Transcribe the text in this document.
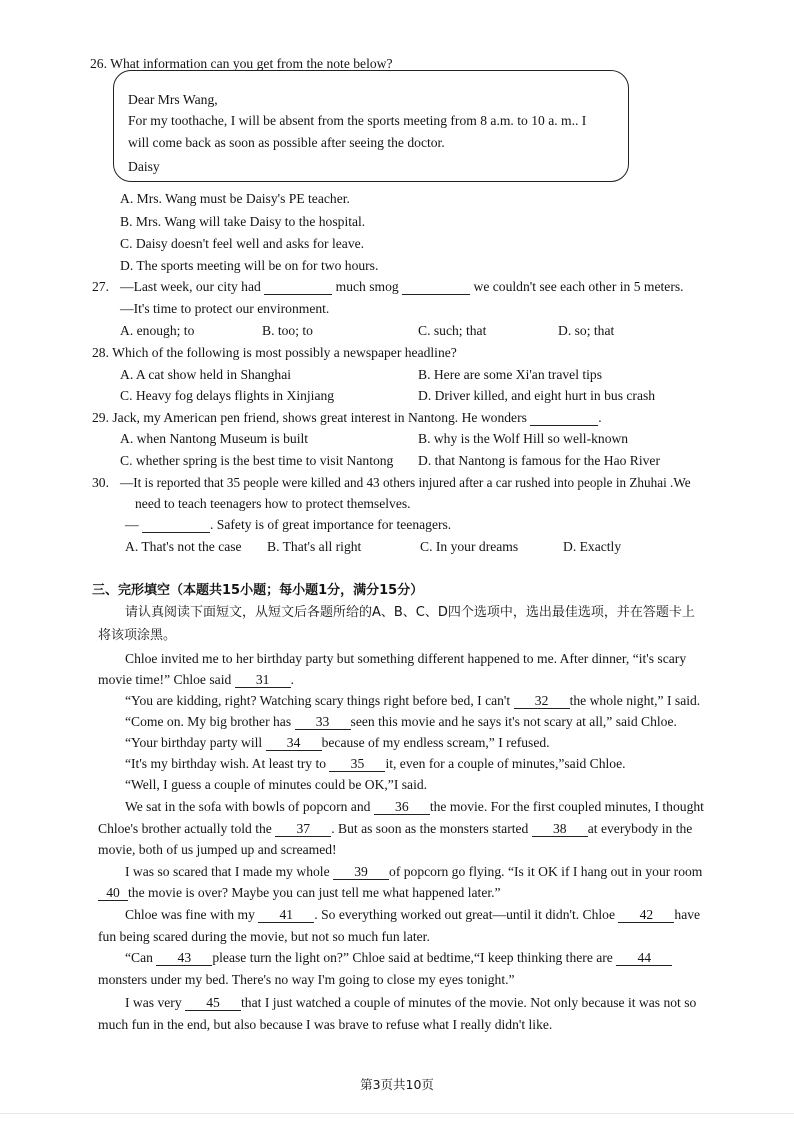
26. What information can you get from the note below?
Dear Mrs Wang,
For my toothache, I will be absent from the sports meeting from 8 a.m. to 10 a. m.. I
will come back as soon as possible after seeing the doctor.
Daisy
A. Mrs. Wang must be Daisy's PE teacher.
B. Mrs. Wang will take Daisy to the hospital.
C. Daisy doesn't feel well and asks for leave.
D. The sports meeting will be on for two hours.
27. —Last week, our city had	much smog	we couldn't see each other in 5 meters.
—It's time to protect our environment.
A. enough; to	B. too; to	C. such; that	D. so; that
28. Which of the following is most possibly a newspaper headline?
A. A cat show held in Shanghai	B. Here are some Xi'an travel tips
C. Heavy fog delays flights in Xinjiang	D. Driver killed, and eight hurt in bus crash
29. Jack, my American pen friend, shows great interest in Nantong. He wonders	.
A. when Nantong Museum is built	B. why is the Wolf Hill so well-known
C. whether spring is the best time to visit Nantong D. that Nantong is famous for the Hao River
30. —It is reported that 35 people were killed and 43 others injured after a car rushed into people in Zhuhai .We
need to teach teenagers how to protect themselves.
—	. Safety is of great importance for teenagers.
A. That's not the case B. That's all right	C. In your dreams	D. Exactly
三、完形填空（本题共15小题；每小题1分，满分15分）
请认真阅读下面短文，从短文后各题所给的A、B、C、D四个选项中，选出最佳选项，并在答题卡上
将该项涂黑。
Chloe invited me to her birthday party but something different happened to me. After dinner, “it's scary
movie time!” Chloe said 31 .
“You are kidding, right? Watching scary things right before bed, I can't 32 the whole night,” I said.
“Come on. My big brother has 33 seen this movie and he says it's not scary at all,” said Chloe.
“Your birthday party will 34 because of my endless scream,” I refused.
“It's my birthday wish. At least try to 35 it, even for a couple of minutes,”said Chloe.
“Well, I guess a couple of minutes could be OK,”I said.
We sat in the sofa with bowls of popcorn and 36 the movie. For the first coupled minutes, I thought
Chloe's brother actually told the 37 . But as soon as the monsters started 38 at everybody in the
movie, both of us jumped up and screamed!
I was so scared that I made my whole 39 of popcorn go flying. “Is it OK if I hang out in your room
40 the movie is over? Maybe you can just tell me what happened later.”
Chloe was fine with my 41 . So everything worked out great—until it didn't. Chloe 42 have
fun being scared during the movie, but not so much fun later.
“Can 43 please turn the light on?” Chloe said at bedtime,“I keep thinking there are 44
monsters under my bed. There's no way I'm going to close my eyes tonight.”
I was very 45 that I just watched a couple of minutes of the movie. Not only because it was not so
much fun in the end, but also because I was brave to refuse what I really didn't like.
第3页共10页
